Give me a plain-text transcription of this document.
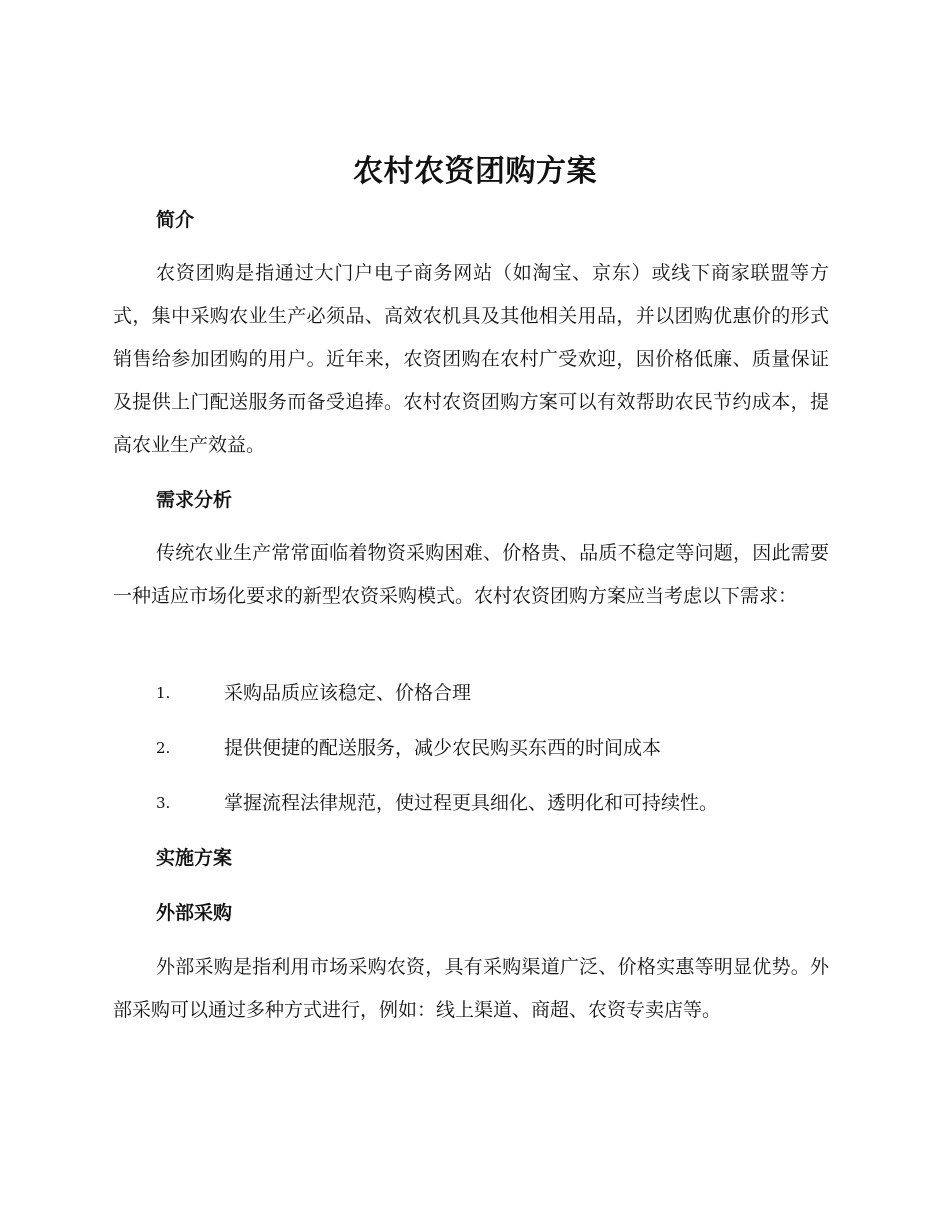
农村农资团购方案
简介

农资团购是指通过大门户电子商务网站（如淘宝、京东）或线下商家联盟等方式，集中采购农业生产必须品、高效农机具及其他相关用品，并以团购优惠价的形式销售给参加团购的用户。近年来，农资团购在农村广受欢迎，因价格低廉、质量保证及提供上门配送服务而备受追捧。农村农资团购方案可以有效帮助农民节约成本，提高农业生产效益。

需求分析

传统农业生产常常面临着物资采购困难、价格贵、品质不稳定等问题，因此需要一种适应市场化要求的新型农资采购模式。农村农资团购方案应当考虑以下需求：

1.	采购品质应该稳定、价格合理
2.	提供便捷的配送服务，减少农民购买东西的时间成本
3.	掌握流程法律规范，使过程更具细化、透明化和可持续性。
实施方案
外部采购

外部采购是指利用市场采购农资，具有采购渠道广泛、价格实惠等明显优势。外部采购可以通过多种方式进行，例如：线上渠道、商超、农资专卖店等。
